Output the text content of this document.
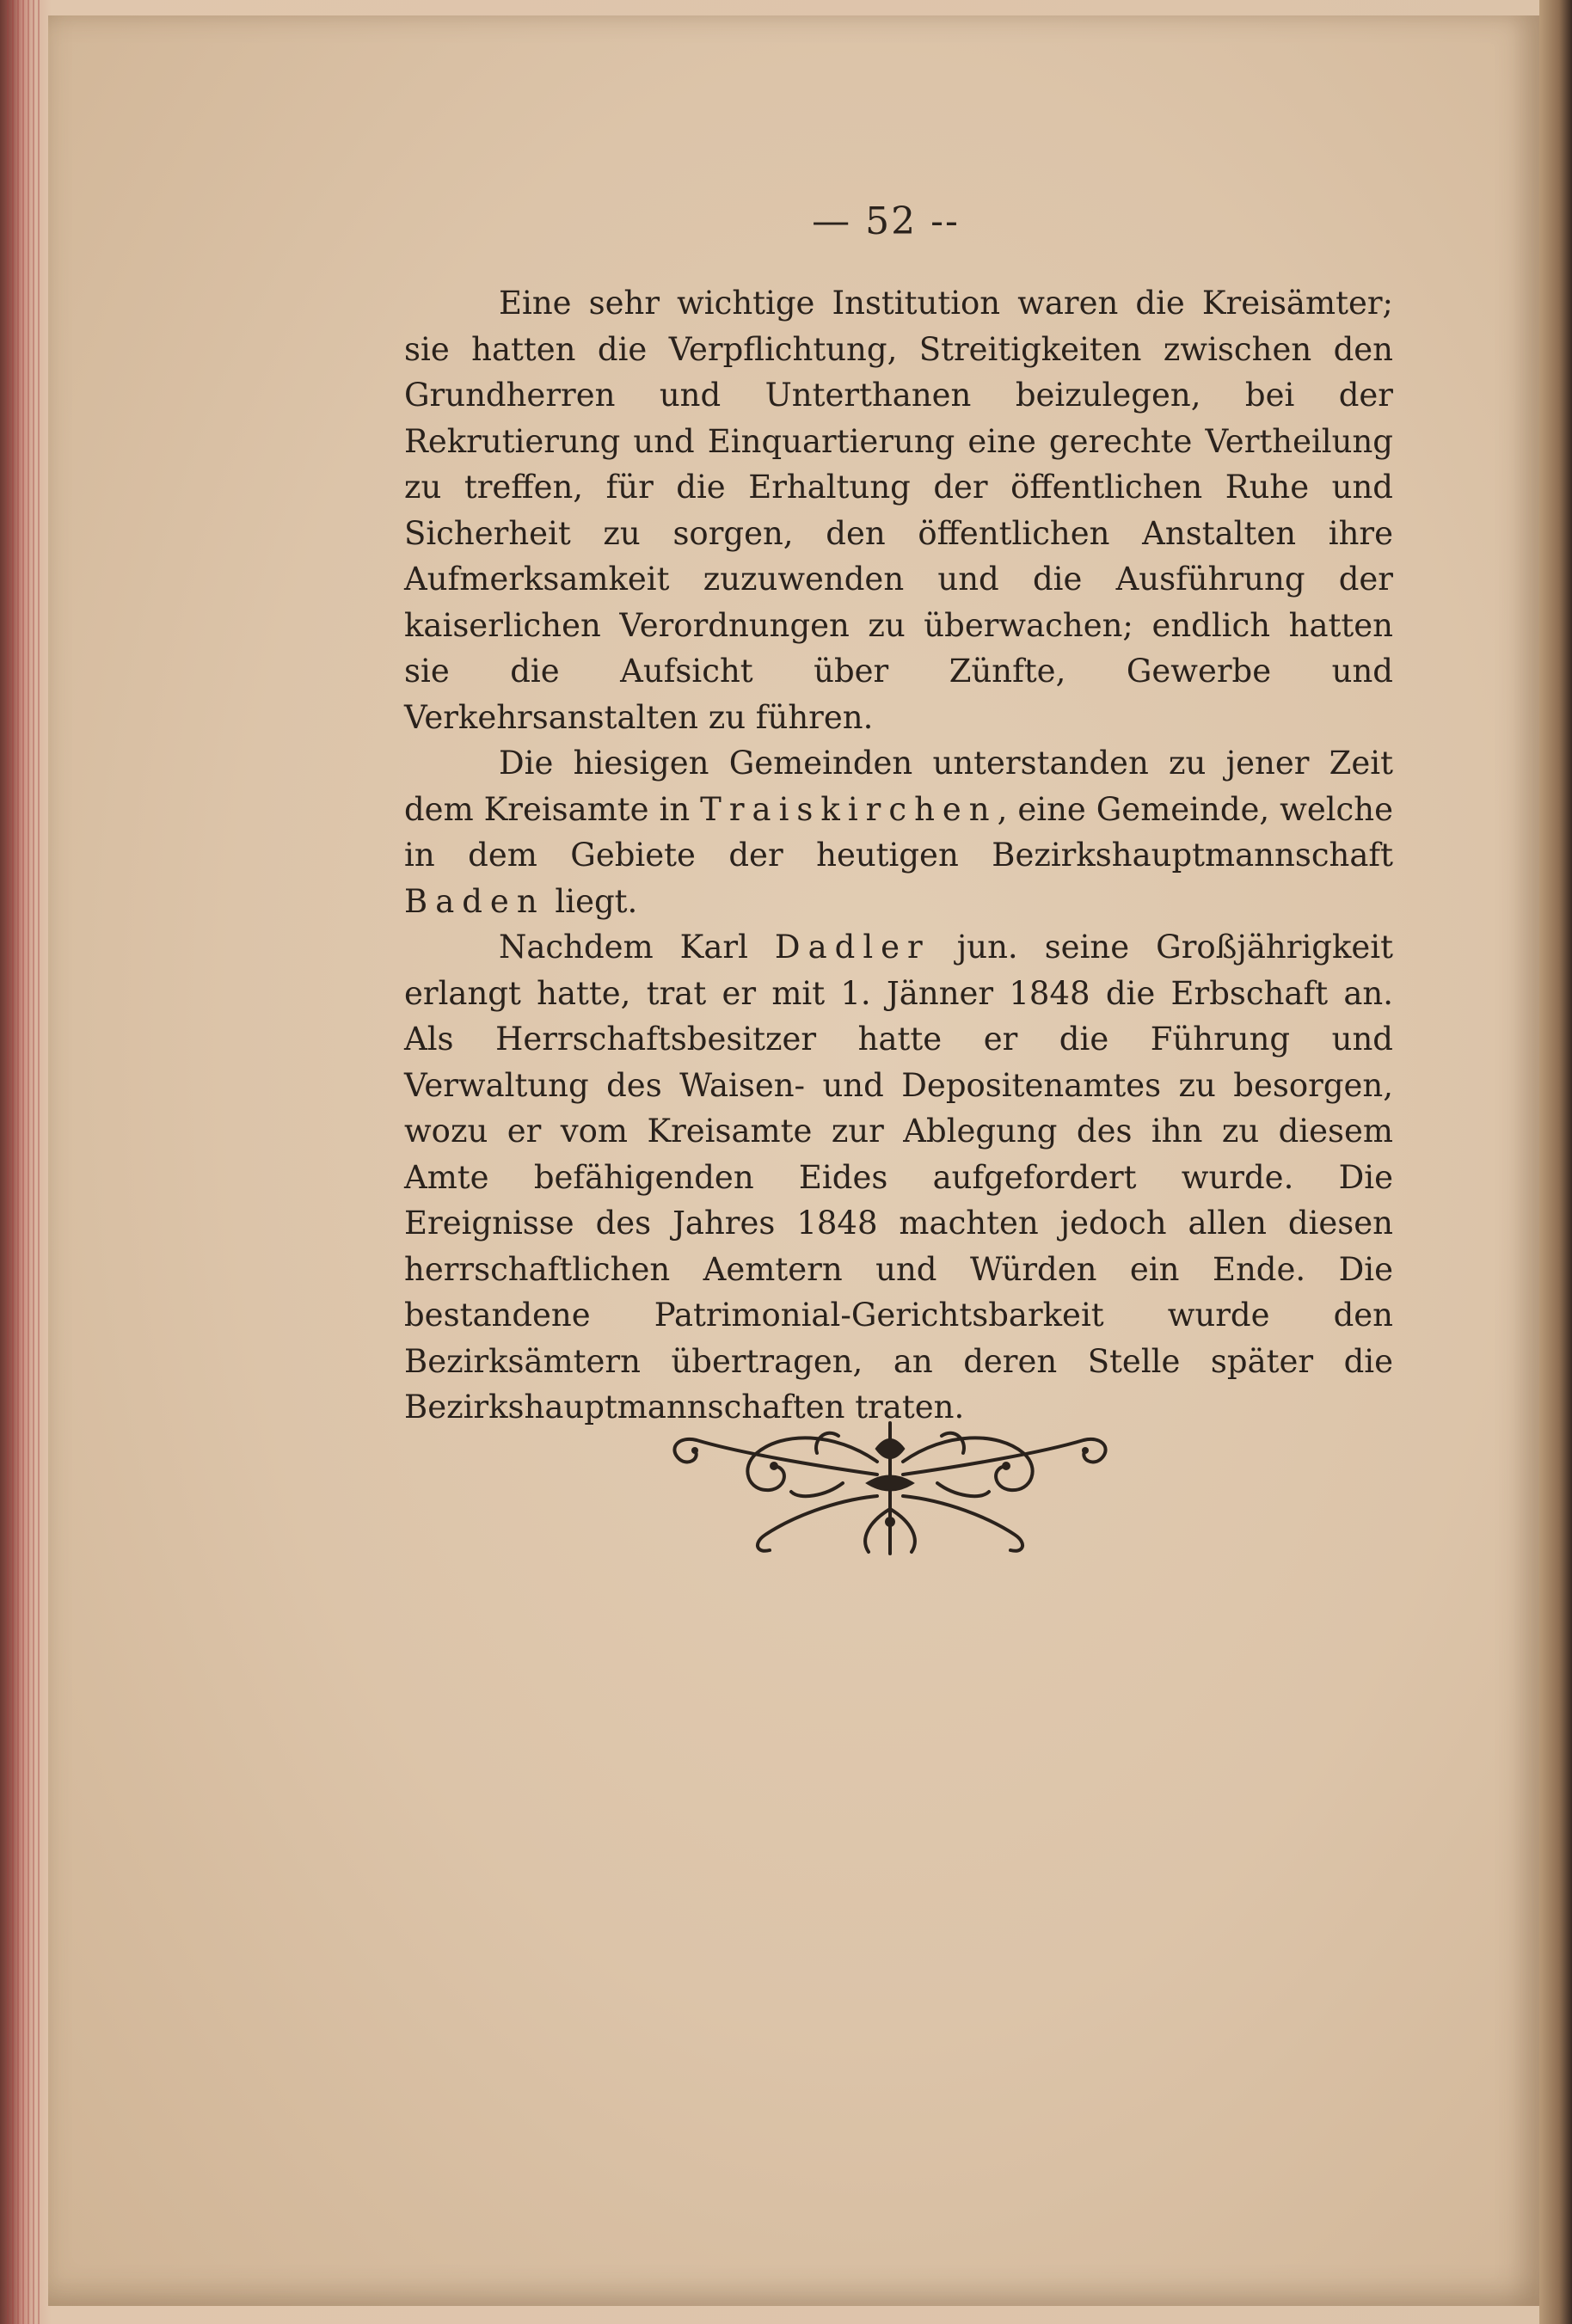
— 52 --

Eine sehr wichtige Institution waren die Kreisämter; sie hatten die Verpflichtung, Streitigkeiten zwischen den Grundherren und Unterthanen beizulegen, bei der Rekrutierung und Einquartierung eine gerechte Vertheilung zu treffen, für die Erhaltung der öffentlichen Ruhe und Sicherheit zu sorgen, den öffentlichen Anstalten ihre Aufmerksamkeit zuzuwenden und die Ausführung der kaiserlichen Verordnungen zu überwachen; endlich hatten sie die Aufsicht über Zünfte, Gewerbe und Verkehrsanstalten zu führen.

Die hiesigen Gemeinden unterstanden zu jener Zeit dem Kreisamte in Traiskirchen, eine Gemeinde, welche in dem Gebiete der heutigen Bezirkshauptmannschaft Baden liegt.

Nachdem Karl Dadler jun. seine Großjährigkeit erlangt hatte, trat er mit 1. Jänner 1848 die Erbschaft an. Als Herrschaftsbesitzer hatte er die Führung und Verwaltung des Waisen- und Depositenamtes zu besorgen, wozu er vom Kreisamte zur Ablegung des ihn zu diesem Amte befähigenden Eides aufgefordert wurde. Die Ereignisse des Jahres 1848 machten jedoch allen diesen herrschaftlichen Aemtern und Würden ein Ende. Die bestandene Patrimonial-Gerichtsbarkeit wurde den Bezirksämtern übertragen, an deren Stelle später die Bezirkshauptmannschaften traten.
